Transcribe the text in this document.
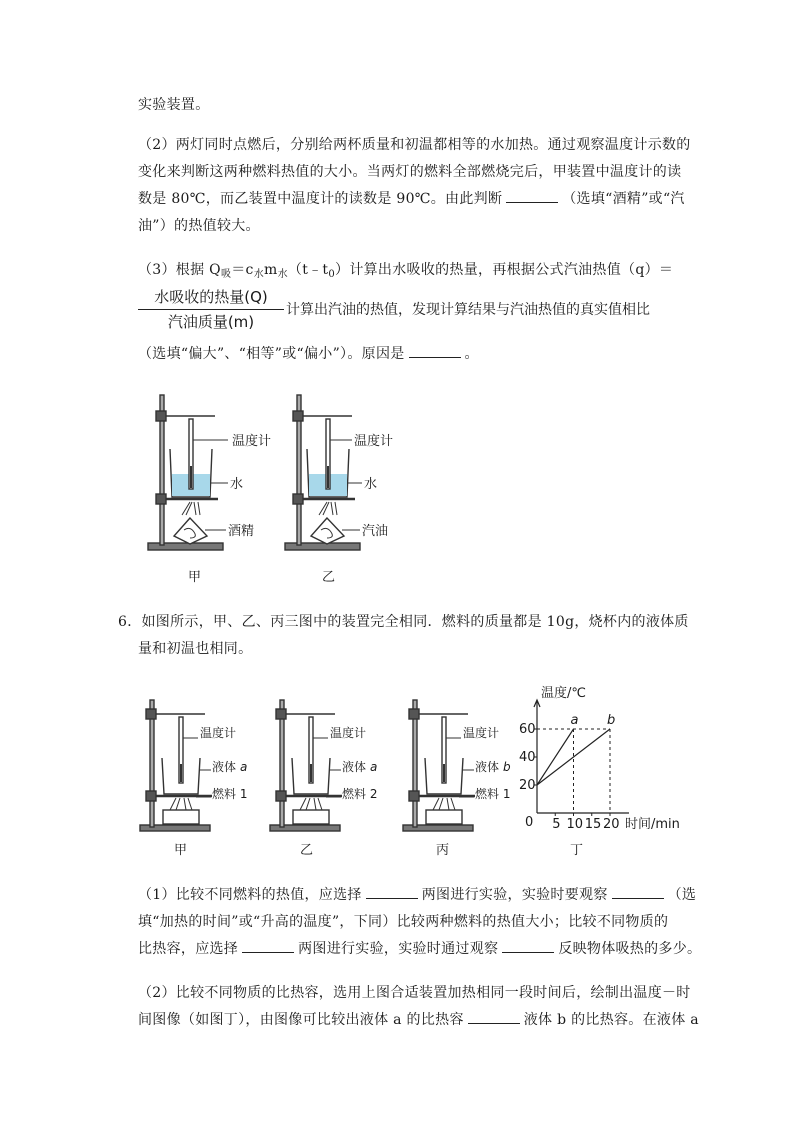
实验装置。
（2）两灯同时点燃后，分别给两杯质量和初温都相等的水加热。通过观察温度计示数的
变化来判断这两种燃料热值的大小。当两灯的燃料全部燃烧完后，甲装置中温度计的读
数是 80℃，而乙装置中温度计的读数是 90℃。由此判断	（选填“酒精”或“汽
油”）的热值较大。
（3）根据 $Q_吸=c_水m_水(t﹣t_0)$计算出水吸收的热量，再根据公式汽油热值（q）＝
水吸收的热量(Q)
汽油质量(m)
计算出汽油的热值，发现计算结果与汽油热值的真实值相比
（选填“偏大”、“相等”或“偏小”）。原因是	。
温度计
水
酒精
甲
温度计
水
汽油
乙
6．如图所示，甲、乙、丙三图中的装置完全相同．燃料的质量都是 10g，烧杯内的液体质
量和初温也相同。
温度计
液体 a
燃料 1
甲
温度计
液体 a
燃料 2
乙
温度计
液体 b
燃料 1
丙
温度/℃
时间/min
20
40
60
0 5 10 15 20
a b
丁
（1）比较不同燃料的热值，应选择	两图进行实验，实验时要观察	（选
填“加热的时间”或“升高的温度”，下同）比较两种燃料的热值大小；比较不同物质的
比热容，应选择	两图进行实验，实验时通过观察	反映物体吸热的多少。
（2）比较不同物质的比热容，选用上图合适装置加热相同一段时间后，绘制出温度－时
间图像（如图丁），由图像可比较出液体 a 的比热容	液体 b 的比热容。在液体 a
